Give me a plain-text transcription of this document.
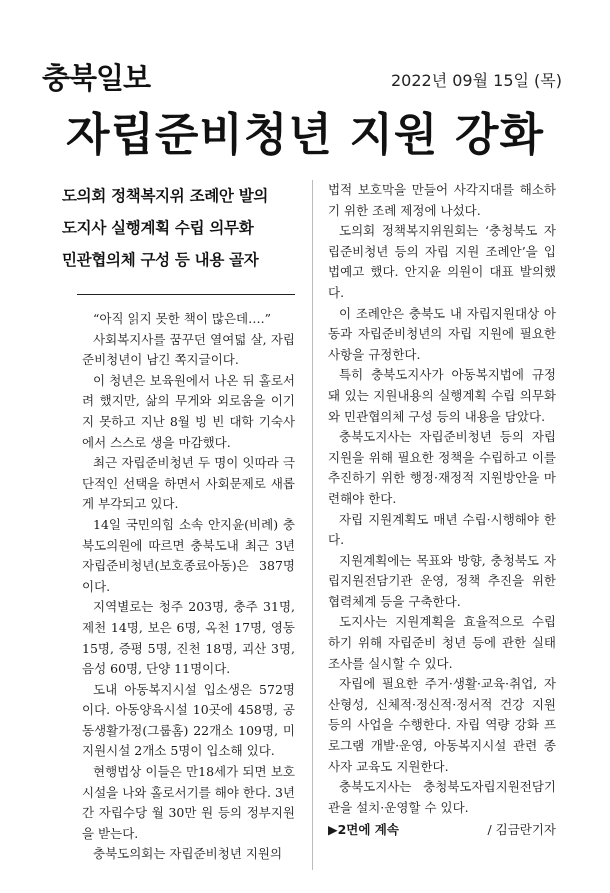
충북일보	2022년 09월 15일 (목)
자립준비청년 지원 강화
도의회 정책복지위 조례안 발의
도지사 실행계획 수립 의무화
민관협의체 구성 등 내용 골자

“아직 읽지 못한 책이 많은데….”

사회복지사를 꿈꾸던 열여덟 살, 자립준비청년이 남긴 쪽지글이다.

이 청년은 보육원에서 나온 뒤 홀로서려 했지만, 삶의 무게와 외로움을 이기지 못하고 지난 8월 빙 빈 대학 기숙사에서 스스로 생을 마감했다.

최근 자립준비청년 두 명이 잇따라 극단적인 선택을 하면서 사회문제로 새롭게 부각되고 있다.

14일 국민의힘 소속 안지윤(비례) 충북도의원에 따르면 충북도내 최근 3년 자립준비청년(보호종료아동)은 387명이다.

지역별로는 청주 203명, 충주 31명, 제천 14명, 보은 6명, 옥천 17명, 영동 15명, 증평 5명, 진천 18명, 괴산 3명, 음성 60명, 단양 11명이다.

도내 아동복지시설 입소생은 572명이다. 아동양육시설 10곳에 458명, 공동생활가정(그룹홈) 22개소 109명, 미지원시설 2개소 5명이 입소해 있다.

현행법상 이들은 만18세가 되면 보호시설을 나와 홀로서기를 해야 한다. 3년간 자립수당 월 30만 원 등의 정부지원을 받는다.

충북도의회는 자립준비청년 지원의

법적 보호막을 만들어 사각지대를 해소하기 위한 조례 제정에 나섰다.

도의회 정책복지위원회는 ‘충청북도 자립준비청년 등의 자립 지원 조례안’을 입법예고 했다. 안지윤 의원이 대표 발의했다.

이 조례안은 충북도 내 자립지원대상 아동과 자립준비청년의 자립 지원에 필요한 사항을 규정한다.

특히 충북도지사가 아동복지법에 규정돼 있는 지원내용의 실행계획 수립 의무화와 민관협의체 구성 등의 내용을 담았다.

충북도지사는 자립준비청년 등의 자립 지원을 위해 필요한 정책을 수립하고 이를 추진하기 위한 행정·재정적 지원방안을 마련해야 한다.

자립 지원계획도 매년 수립·시행해야 한다.

지원계획에는 목표와 방향, 충청북도 자립지원전담기관 운영, 정책 추진을 위한 협력체계 등을 구축한다.

도지사는 지원계획을 효율적으로 수립하기 위해 자립준비 청년 등에 관한 실태조사를 실시할 수 있다.

자립에 필요한 주거·생활·교육·취업, 자산형성, 신체적·정신적·정서적 건강 지원 등의 사업을 수행한다. 자립 역량 강화 프로그램 개발·운영, 아동복지시설 관련 종사자 교육도 지원한다.

충북도지사는 충청북도자립지원전담기관을 설치·운영할 수 있다.

▶2면에 계속	/ 김금란기자
